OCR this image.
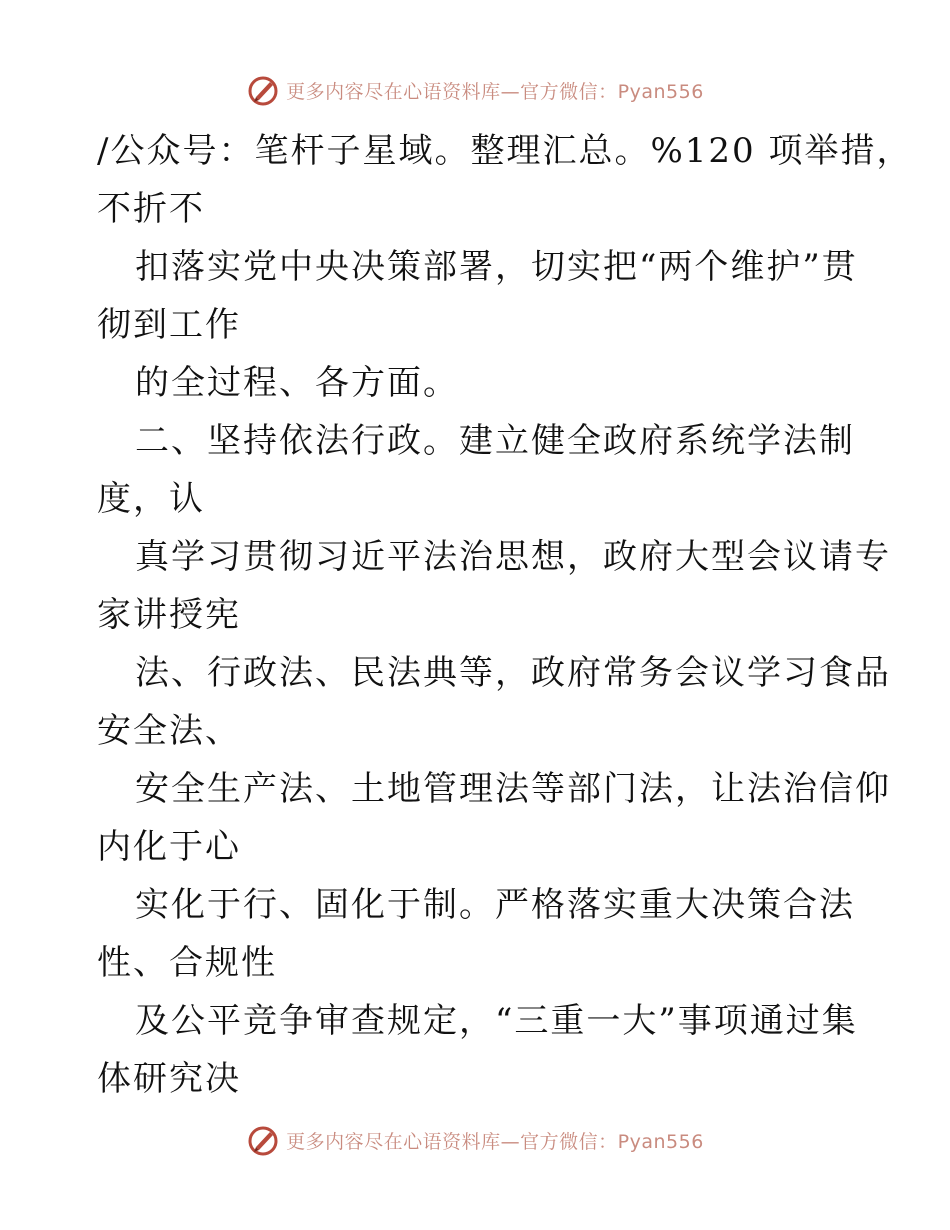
更多内容尽在心语资料库—官方微信：Pyan556
/公众号：笔杆子星域。整理汇总。%120 项举措，
不折不
扣落实党中央决策部署，切实把“两个维护”贯
彻到工作
的全过程、各方面。
二、坚持依法行政。建立健全政府系统学法制
度，认
真学习贯彻习近平法治思想，政府大型会议请专
家讲授宪
法、行政法、民法典等，政府常务会议学习食品
安全法、
安全生产法、土地管理法等部门法，让法治信仰
内化于心
实化于行、固化于制。严格落实重大决策合法
性、合规性
及公平竞争审查规定，“三重一大”事项通过集
体研究决
更多内容尽在心语资料库—官方微信：Pyan556
